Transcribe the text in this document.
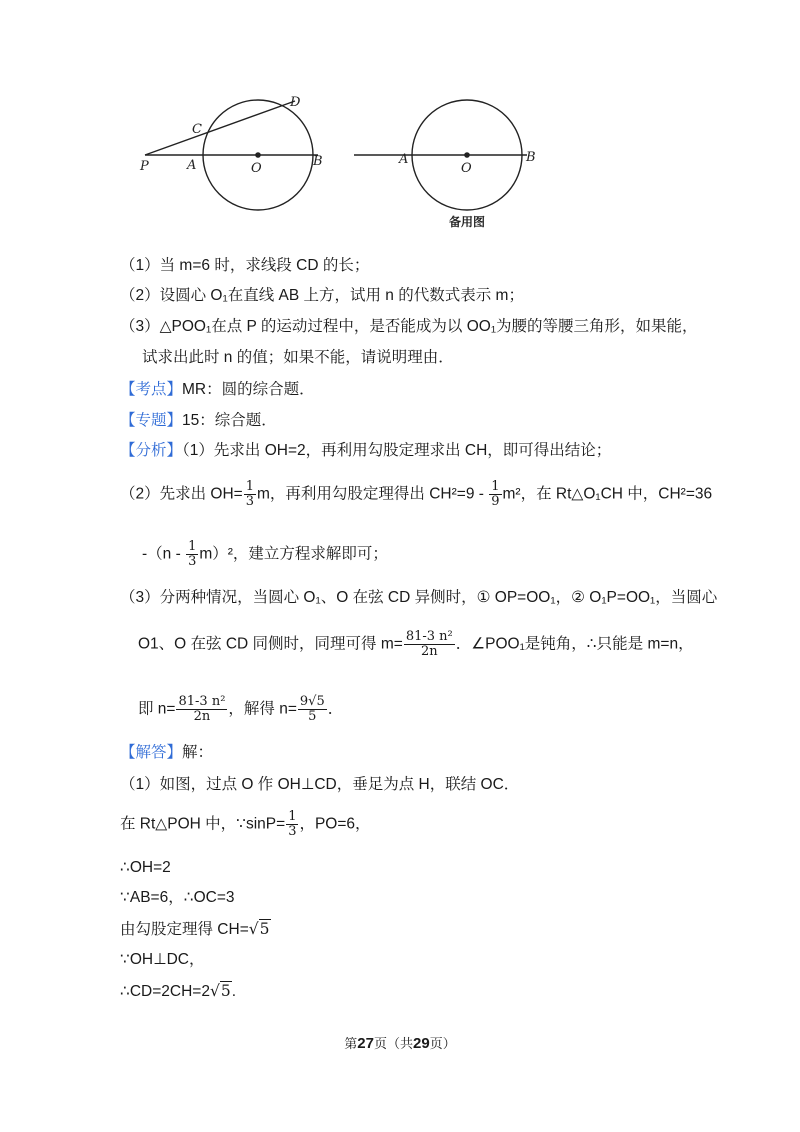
P	A	O	B
C
D
A
O
B
备用图
（1）当 m=6 时，求线段 CD 的长；
（2）设圆心 O₁在直线 AB 上方，试用 n 的代数式表示 m；
（3）△POO₁在点 P 的运动过程中，是否能成为以 OO₁为腰的等腰三角形，如果能，
试求出此时 n 的值；如果不能，请说明理由．
【考点】MR：圆的综合题．
【专题】15：综合题．
【分析】（1）先求出 OH=2，再利用勾股定理求出 CH，即可得出结论；
（2）先求出 $OH= \frac{1}{3}$ m，再利用勾股定理得出 $CH^2=9 - \frac{1}{9} m^2$，在 Rt△O₁CH 中，CH²=36
$-(n - \frac{1}{3} m)^2$，建立方程求解即可；
（3）分两种情况，当圆心 O₁、O 在弦 CD 异侧时，① OP=OO₁，② O₁P=OO₁，当圆心
O1、O 在弦 CD 同侧时，同理可得 $m= \frac{\text{81-3 n²}}{2n}$ ．∠POO₁是钝角，∴只能是 m=n，
即 $n= \frac{\text{81-3 n²}}{2n}$ ，解得 $n= \frac{9√5}{5}$ ．
【解答】解：
（1）如图，过点 O 作 OH⊥CD，垂足为点 H，联结 OC．
在 Rt△POH 中，∵sinP= $\frac{1}{3}$ ，PO=6，
∴OH=2
∵AB=6，∴OC=3
由勾股定理得 CH=√5
∵OH⊥DC，
∴CD=2CH=2√5.
第27页（共29页）
